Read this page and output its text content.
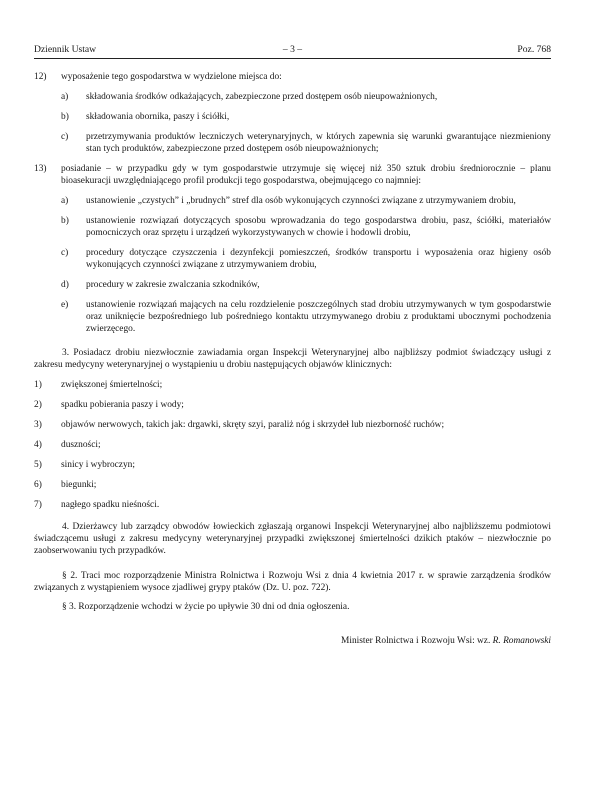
Dziennik Ustaw	– 3 –	Poz. 768
12)	wyposażenie tego gospodarstwa w wydzielone miejsca do:
a)	składowania środków odkażających, zabezpieczone przed dostępem osób nieupoważnionych,
b)	składowania obornika, paszy i ściółki,
c)	przetrzymywania produktów leczniczych weterynaryjnych, w których zapewnia się warunki gwarantujące niezmieniony stan tych produktów, zabezpieczone przed dostępem osób nieupoważnionych;
13)	posiadanie – w przypadku gdy w tym gospodarstwie utrzymuje się więcej niż 350 sztuk drobiu średniorocznie – planu bioasekuracji uwzględniającego profil produkcji tego gospodarstwa, obejmującego co najmniej:
a)	ustanowienie „czystych” i „brudnych” stref dla osób wykonujących czynności związane z utrzymywaniem drobiu,
b)	ustanowienie rozwiązań dotyczących sposobu wprowadzania do tego gospodarstwa drobiu, pasz, ściółki, materiałów pomocniczych oraz sprzętu i urządzeń wykorzystywanych w chowie i hodowli drobiu,
c)	procedury dotyczące czyszczenia i dezynfekcji pomieszczeń, środków transportu i wyposażenia oraz higieny osób wykonujących czynności związane z utrzymywaniem drobiu,
d)	procedury w zakresie zwalczania szkodników,
e)	ustanowienie rozwiązań mających na celu rozdzielenie poszczególnych stad drobiu utrzymywanych w tym gospodarstwie oraz uniknięcie bezpośredniego lub pośredniego kontaktu utrzymywanego drobiu z produktami ubocznymi pochodzenia zwierzęcego.
3. Posiadacz drobiu niezwłocznie zawiadamia organ Inspekcji Weterynaryjnej albo najbliższy podmiot świadczący usługi z zakresu medycyny weterynaryjnej o wystąpieniu u drobiu następujących objawów klinicznych:
1)	zwiększonej śmiertelności;
2)	spadku pobierania paszy i wody;
3)	objawów nerwowych, takich jak: drgawki, skręty szyi, paraliż nóg i skrzydeł lub niezborność ruchów;
4)	duszności;
5)	sinicy i wybroczyn;
6)	biegunki;
7)	nagłego spadku nieśności.
4. Dzierżawcy lub zarządcy obwodów łowieckich zgłaszają organowi Inspekcji Weterynaryjnej albo najbliższemu podmiotowi świadczącemu usługi z zakresu medycyny weterynaryjnej przypadki zwiększonej śmiertelności dzikich ptaków – niezwłocznie po zaobserwowaniu tych przypadków.
§ 2. Traci moc rozporządzenie Ministra Rolnictwa i Rozwoju Wsi z dnia 4 kwietnia 2017 r. w sprawie zarządzenia środków związanych z wystąpieniem wysoce zjadliwej grypy ptaków (Dz. U. poz. 722).
§ 3. Rozporządzenie wchodzi w życie po upływie 30 dni od dnia ogłoszenia.
Minister Rolnictwa i Rozwoju Wsi: wz. R. Romanowski
